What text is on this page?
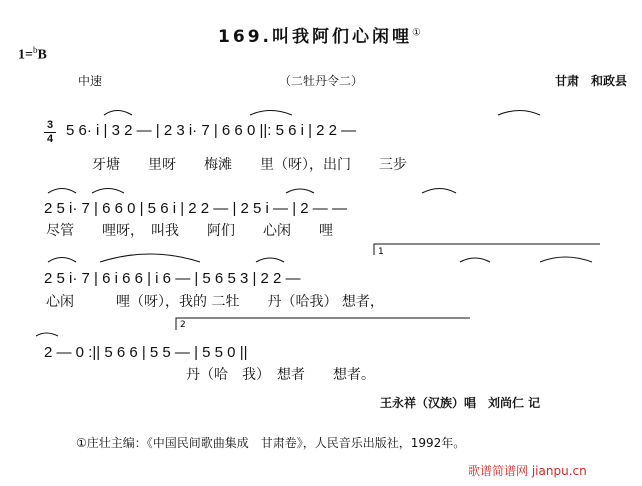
169.叫我阿们心闲哩①
1=$^b$B
中速	（二牡丹令二）	甘肃　和政县
3
4 5 6· i | 3 2 — | 2 3 i· 7 | 6 6 0 ||: 5 6 i | 2 2 —
牙塘　　里呀　　梅滩　　里（呀），出门　　三步
2 5 i· 7 | 6 6 0 | 5 6 i | 2 2 — | 2 5 i — | 2 — —
尽管　　哩呀，　叫我　　阿们　　心闲　　哩
2 5 i· 7 | 6 i 6 6 | i 6 — | 5 6 5 3 | 2 2 —
心闲　　　哩（呀），我的 二牡　　丹（哈我） 想者，
2 — 0 :|| 5 6 6 | 5 5 — | 5 5 0 ||
丹（哈　我）　想者　　想者。
1
2
王永祥（汉族）唱　刘尚仁 记
①庄壮主编：《中国民间歌曲集成　甘肃卷》，人民音乐出版社，1992年。
歌谱简谱网 jianpu.cn
